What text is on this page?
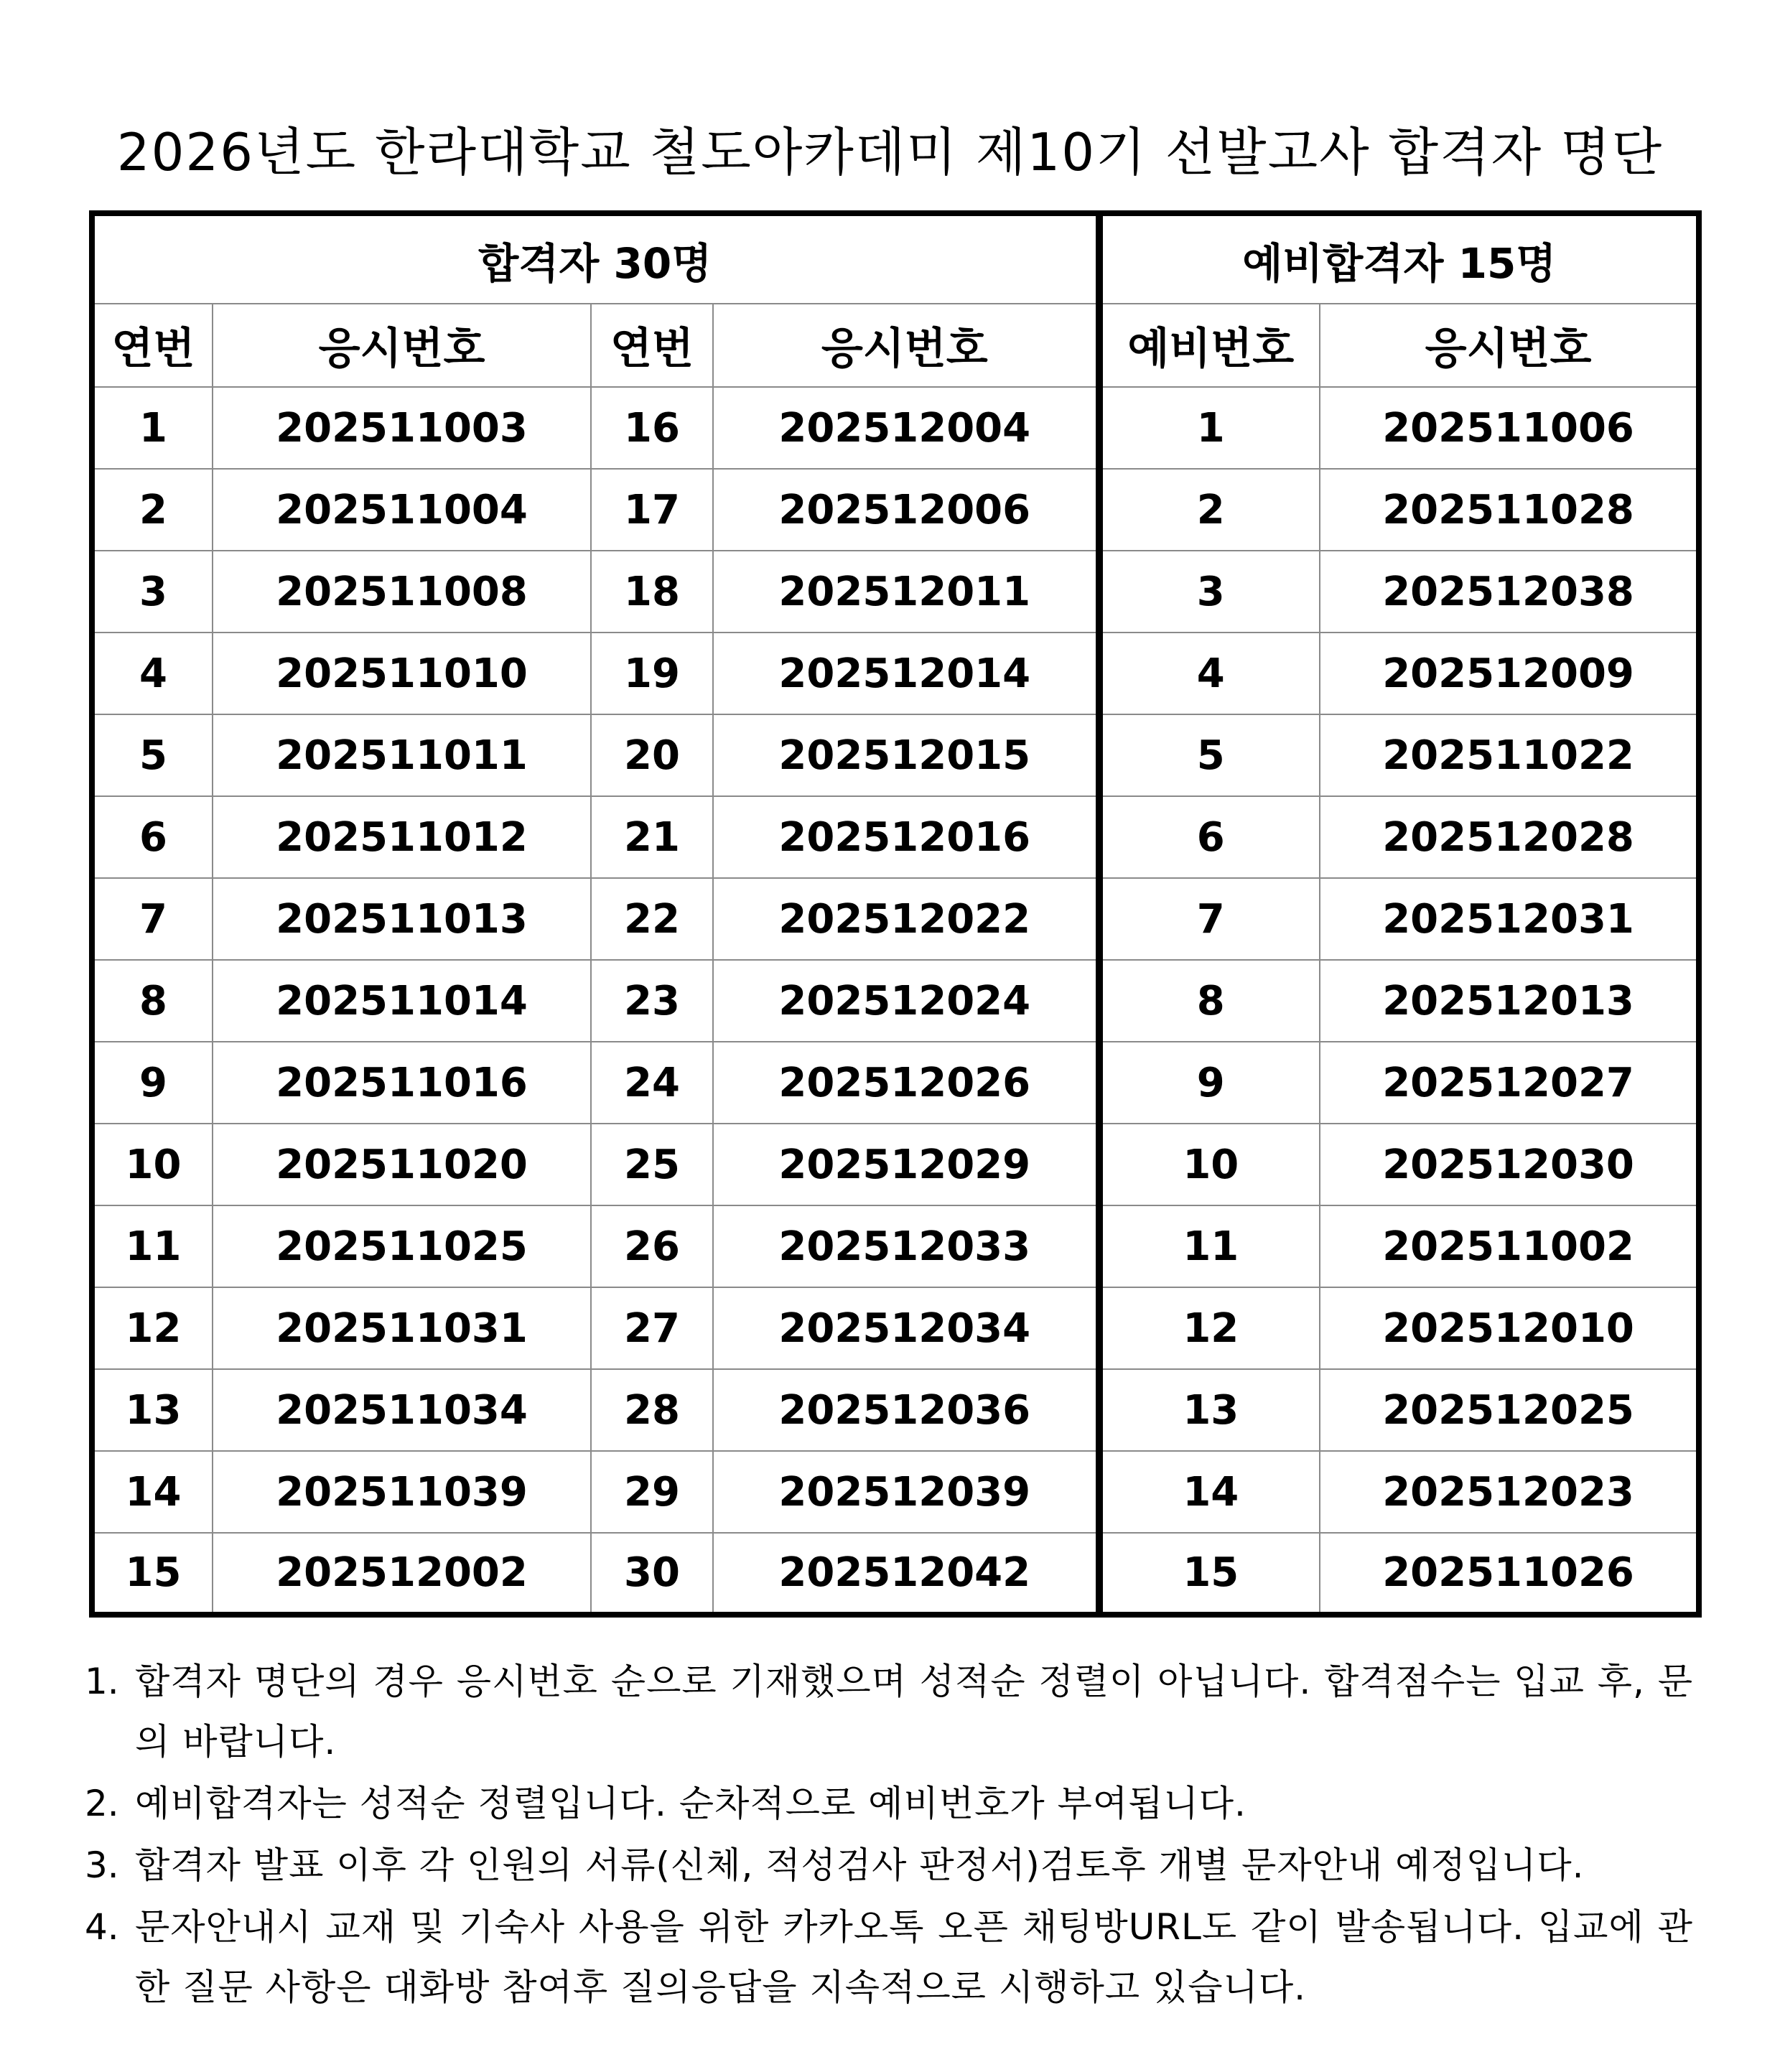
2026년도 한라대학교 철도아카데미 제10기 선발고사 합격자 명단
합격자 30명			
연번	응시번호	연번	응시번호
1	202511003	16	202512004
2	202511004	17	202512006
3	202511008	18	202512011
4	202511010	19	202512014
5	202511011	20	202512015
6	202511012	21	202512016
7	202511013	22	202512022
8	202511014	23	202512024
9	202511016	24	202512026
10	202511020	25	202512029
11	202511025	26	202512033
12	202511031	27	202512034
13	202511034	28	202512036
14	202511039	29	202512039
15	202512002	30	202512042
예비합격자 15명	
예비번호	응시번호
1	202511006
2	202511028
3	202512038
4	202512009
5	202511022
6	202512028
7	202512031
8	202512013
9	202512027
10	202512030
11	202511002
12	202512010
13	202512025
14	202512023
15	202511026
1. 합격자 명단의 경우 응시번호 순으로 기재했으며 성적순 정렬이 아닙니다. 합격점수는 입교 후, 문의 바랍니다.
2. 예비합격자는 성적순 정렬입니다. 순차적으로 예비번호가 부여됩니다.
3. 합격자 발표 이후 각 인원의 서류(신체, 적성검사 판정서)검토후 개별 문자안내 예정입니다.
4. 문자안내시 교재 및 기숙사 사용을 위한 카카오톡 오픈 채팅방URL도 같이 발송됩니다. 입교에 관한 질문 사항은 대화방 참여후 질의응답을 지속적으로 시행하고 있습니다.
